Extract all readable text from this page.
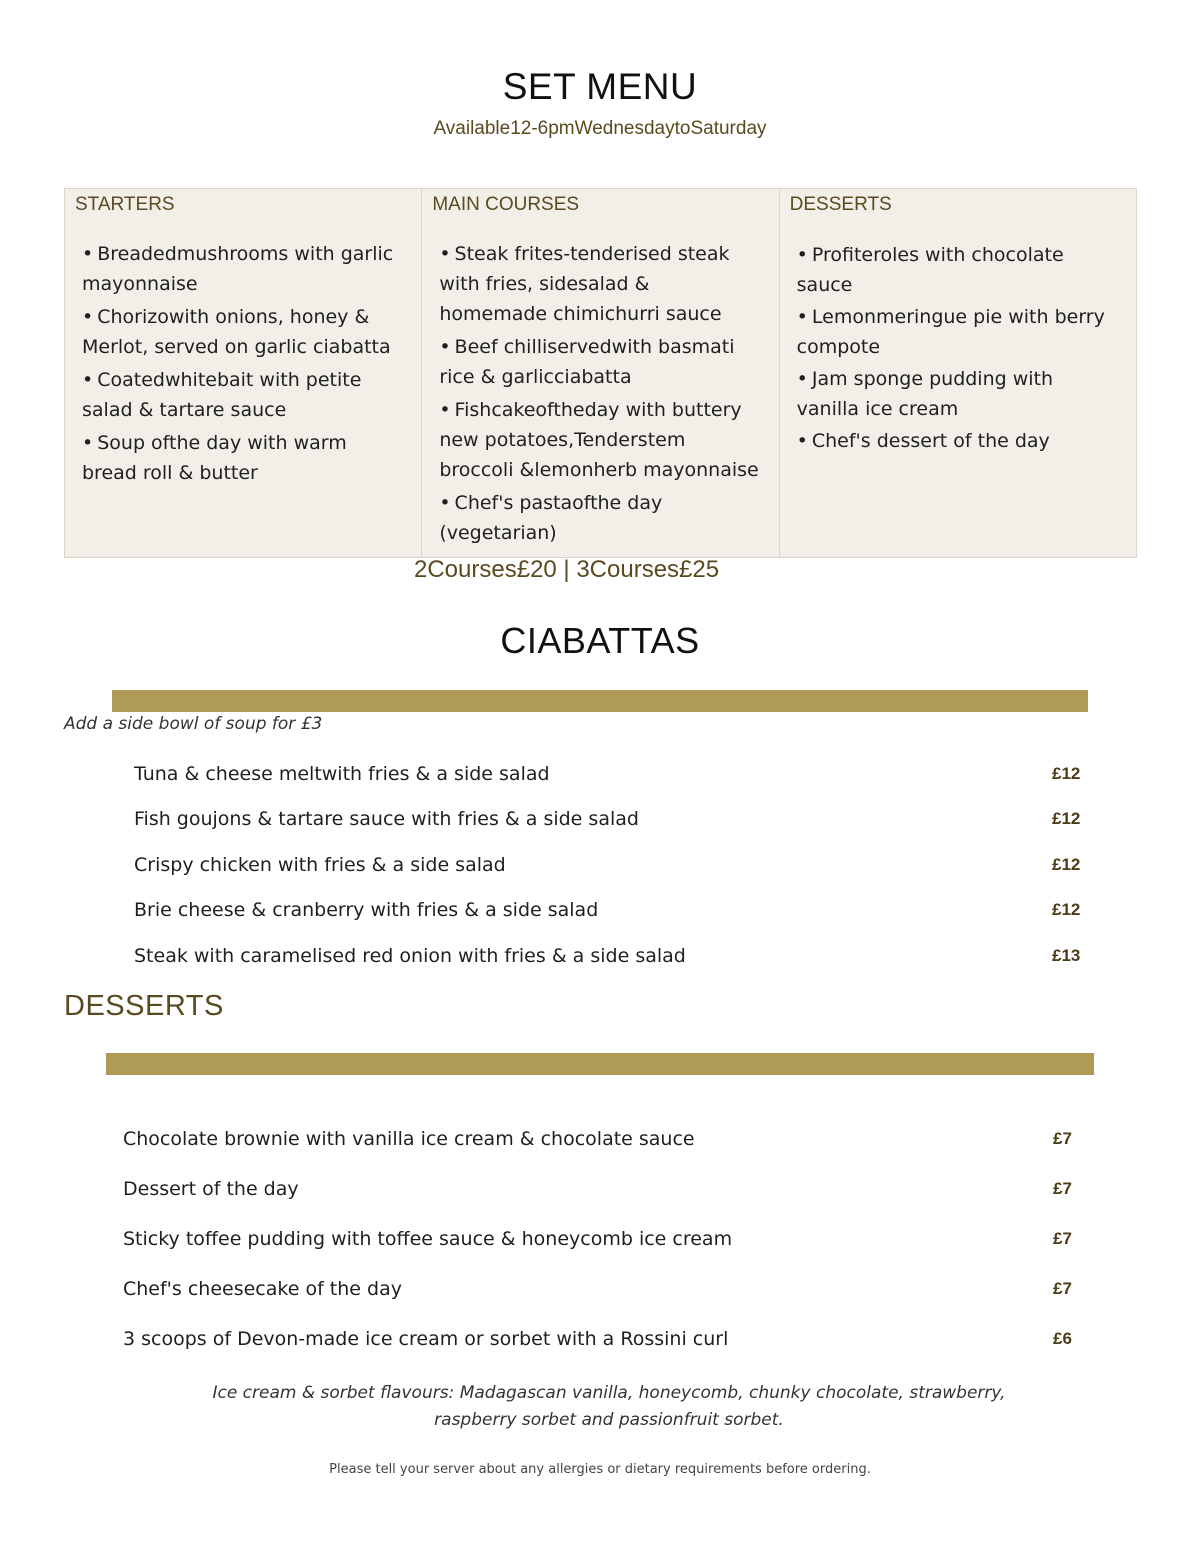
SET MENU
Available12-6pmWednesdaytoSaturday
STARTERS
• Breadedmushrooms with garlic mayonnaise
• Chorizowith onions, honey & Merlot, served on garlic ciabatta
• Coatedwhitebait with petite salad & tartare sauce
• Soup ofthe day with warm bread roll & butter
MAIN COURSES
• Steak frites-tenderised steak with fries, sidesalad & homemade chimichurri sauce
• Beef chilliservedwith basmati rice & garlicciabatta
• Fishcakeoftheday with buttery new potatoes,Tenderstem broccoli &lemonherb mayonnaise
• Chef's pastaofthe day (vegetarian)
DESSERTS
• Profiteroles with chocolate sauce
• Lemonmeringue pie with berry compote
• Jam sponge pudding with vanilla ice cream
• Chef's dessert of the day
2Courses£20 | 3Courses£25
CIABATTAS
Add a side bowl of soup for £3
Tuna & cheese meltwith fries & a side salad	£12
Fish goujons & tartare sauce with fries & a side salad	£12
Crispy chicken with fries & a side salad	£12
Brie cheese & cranberry with fries & a side salad	£12
Steak with caramelised red onion with fries & a side salad	£13
DESSERTS
Chocolate brownie with vanilla ice cream & chocolate sauce	£7
Dessert of the day	£7
Sticky toffee pudding with toffee sauce & honeycomb ice cream	£7
Chef's cheesecake of the day	£7
3 scoops of Devon-made ice cream or sorbet with a Rossini curl	£6
Ice cream & sorbet flavours: Madagascan vanilla, honeycomb, chunky chocolate, strawberry,
raspberry sorbet and passionfruit sorbet.
Please tell your server about any allergies or dietary requirements before ordering.
